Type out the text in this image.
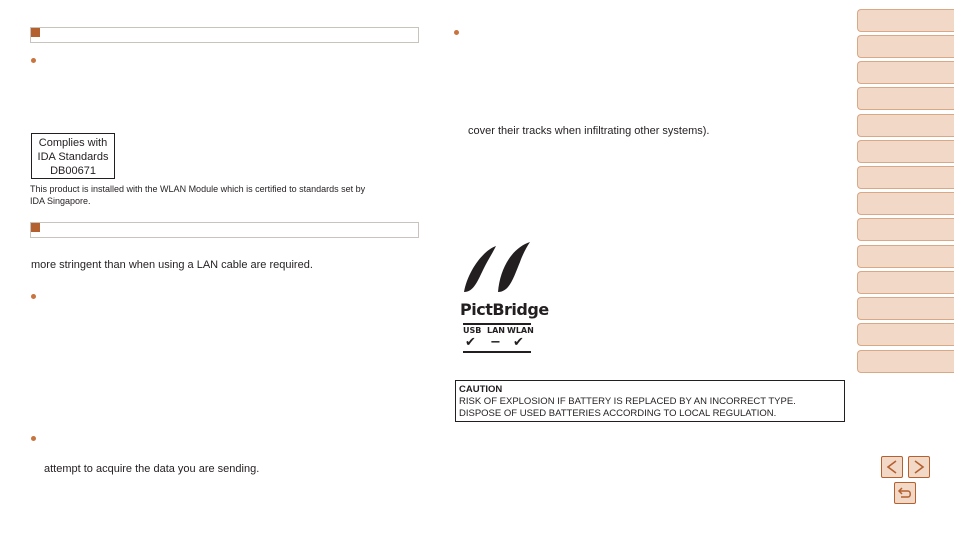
Complies with
IDA Standards
DB00671
This product is installed with the WLAN Module which is certified to standards set by
IDA Singapore.
more stringent than when using a LAN cable are required.
attempt to acquire the data you are sending.
cover their tracks when infiltrating other systems).
PictBridge
USB LAN WLAN
✔ − ✔
CAUTION
RISK OF EXPLOSION IF BATTERY IS REPLACED BY AN INCORRECT TYPE.
DISPOSE OF USED BATTERIES ACCORDING TO LOCAL REGULATION.
